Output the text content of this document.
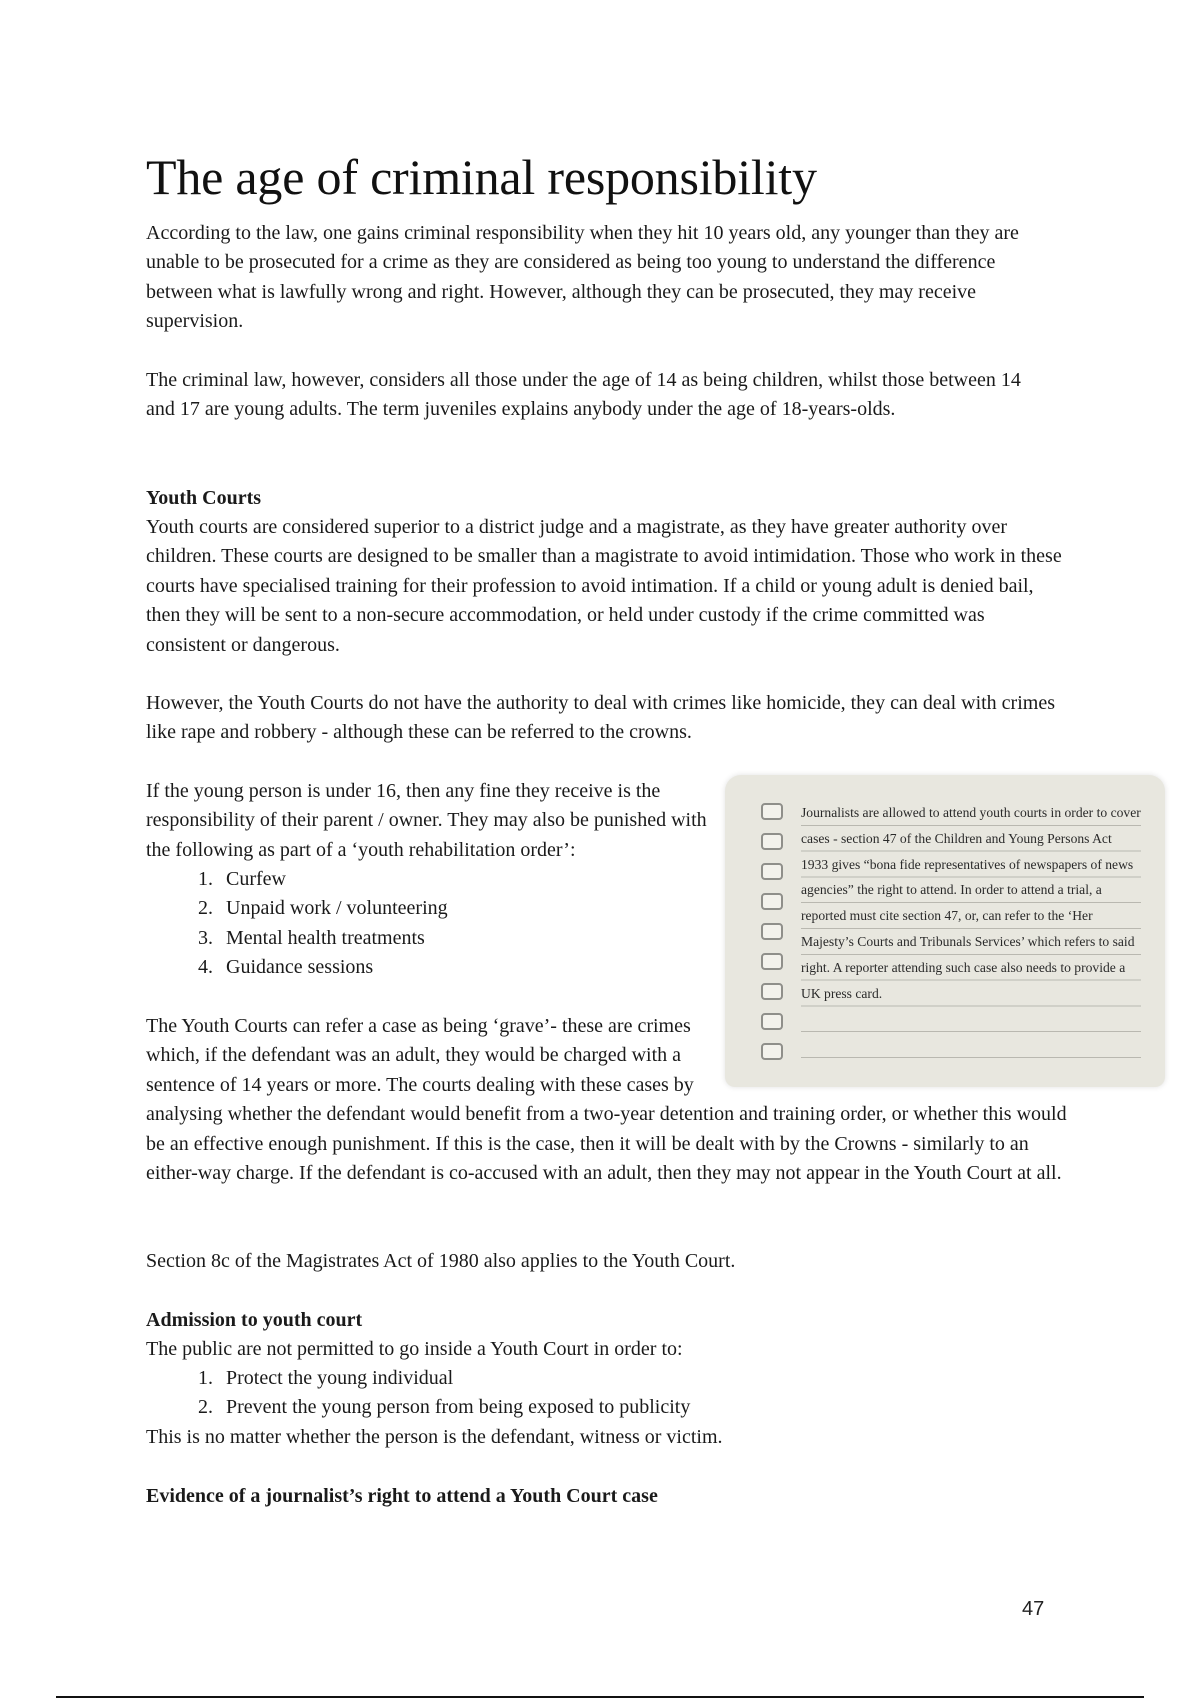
The age of criminal responsibility

According to the law, one gains criminal responsibility when they hit 10 years old, any younger than they are unable to be prosecuted for a crime as they are considered as being too young to understand the difference between what is lawfully wrong and right. However, although they can be prosecuted, they may receive supervision.

The criminal law, however, considers all those under the age of 14 as being children, whilst those between 14 and 17 are young adults. The term juveniles explains anybody under the age of 18-years-olds.

Youth Courts

Youth courts are considered superior to a district judge and a magistrate, as they have greater authority over children. These courts are designed to be smaller than a magistrate to avoid intimidation. Those who work in these courts have specialised training for their profession to avoid intimation. If a child or young adult is denied bail, then they will be sent to a non-secure accommodation, or held under custody if the crime committed was consistent or dangerous.

However, the Youth Courts do not have the authority to deal with crimes like homicide, they can deal with crimes like rape and robbery - although these can be referred to the crowns.

If the young person is under 16, then any fine they receive is the responsibility of their parent / owner. They may also be punished with the following as part of a ‘youth rehabilitation order’:

1. Curfew
2. Unpaid work / volunteering
3. Mental health treatments
4. Guidance sessions

The Youth Courts can refer a case as being ‘grave’- these are crimes which, if the defendant was an adult, they would be charged with a sentence of 14 years or more. The courts dealing with these cases by analysing whether the defendant would benefit from a two-year detention and training order, or whether this would be an effective enough punishment. If this is the case, then it will be dealt with by the Crowns - similarly to an either-way charge. If the defendant is co-accused with an adult, then they may not appear in the Youth Court at all.

Section 8c of the Magistrates Act of 1980 also applies to the Youth Court.

Admission to youth court

The public are not permitted to go inside a Youth Court in order to:

1. Protect the young individual
2. Prevent the young person from being exposed to publicity

This is no matter whether the person is the defendant, witness or victim.

Evidence of a journalist’s right to attend a Youth Court case
Journalists are allowed to attend youth courts in order to cover cases - section 47 of the Children and Young Persons Act 1933 gives “bona fide representatives of newspapers of news agencies” the right to attend. In order to attend a trial, a reported must cite section 47, or, can refer to the ‘Her Majesty’s Courts and Tribunals Services’ which refers to said right. A reporter attending such case also needs to provide a UK press card.
47
